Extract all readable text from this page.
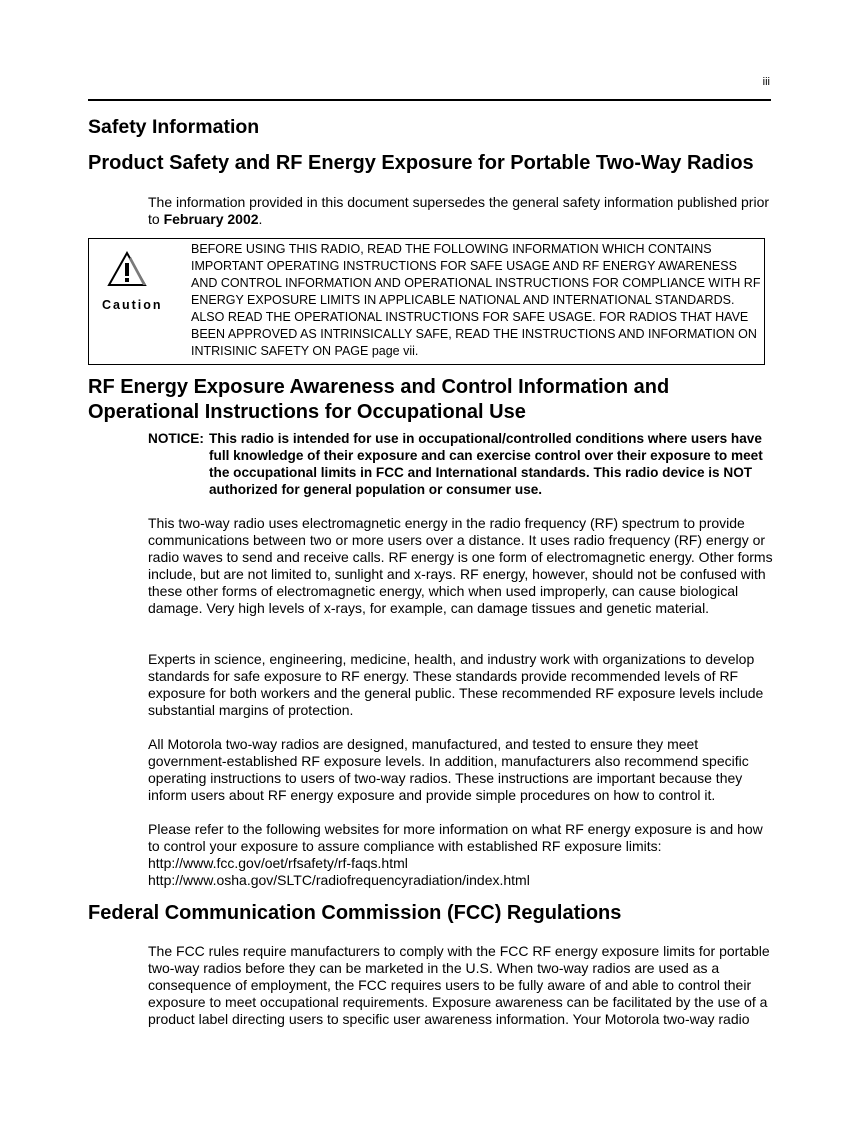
iii
Safety Information
Product Safety and RF Energy Exposure for Portable Two-Way Radios

The information provided in this document supersedes the general safety information published prior to February 2002.

Caution

BEFORE USING THIS RADIO, READ THE FOLLOWING INFORMATION WHICH CONTAINS IMPORTANT OPERATING INSTRUCTIONS FOR SAFE USAGE AND RF ENERGY AWARENESS AND CONTROL INFORMATION AND OPERATIONAL INSTRUCTIONS FOR COMPLIANCE WITH RF ENERGY EXPOSURE LIMITS IN APPLICABLE NATIONAL AND INTERNATIONAL STANDARDS. ALSO READ THE OPERATIONAL INSTRUCTIONS FOR SAFE USAGE. FOR RADIOS THAT HAVE BEEN APPROVED AS INTRINSICALLY SAFE, READ THE INSTRUCTIONS AND INFORMATION ON INTRISINIC SAFETY ON PAGE page vii.

RF Energy Exposure Awareness and Control Information and Operational Instructions for Occupational Use
NOTICE: This radio is intended for use in occupational/controlled conditions where users have full knowledge of their exposure and can exercise control over their exposure to meet the occupational limits in FCC and International standards. This radio device is NOT authorized for general population or consumer use.

This two-way radio uses electromagnetic energy in the radio frequency (RF) spectrum to provide communications between two or more users over a distance. It uses radio frequency (RF) energy or radio waves to send and receive calls. RF energy is one form of electromagnetic energy. Other forms include, but are not limited to, sunlight and x-rays. RF energy, however, should not be confused with these other forms of electromagnetic energy, which when used improperly, can cause biological damage. Very high levels of x-rays, for example, can damage tissues and genetic material.

Experts in science, engineering, medicine, health, and industry work with organizations to develop standards for safe exposure to RF energy. These standards provide recommended levels of RF exposure for both workers and the general public. These recommended RF exposure levels include substantial margins of protection.

All Motorola two-way radios are designed, manufactured, and tested to ensure they meet government-established RF exposure levels. In addition, manufacturers also recommend specific operating instructions to users of two-way radios. These instructions are important because they inform users about RF energy exposure and provide simple procedures on how to control it.

Please refer to the following websites for more information on what RF energy exposure is and how to control your exposure to assure compliance with established RF exposure limits:
http://www.fcc.gov/oet/rfsafety/rf-faqs.html
http://www.osha.gov/SLTC/radiofrequencyradiation/index.html
Federal Communication Commission (FCC) Regulations

The FCC rules require manufacturers to comply with the FCC RF energy exposure limits for portable two-way radios before they can be marketed in the U.S. When two-way radios are used as a consequence of employment, the FCC requires users to be fully aware of and able to control their exposure to meet occupational requirements. Exposure awareness can be facilitated by the use of a product label directing users to specific user awareness information. Your Motorola two-way radio
